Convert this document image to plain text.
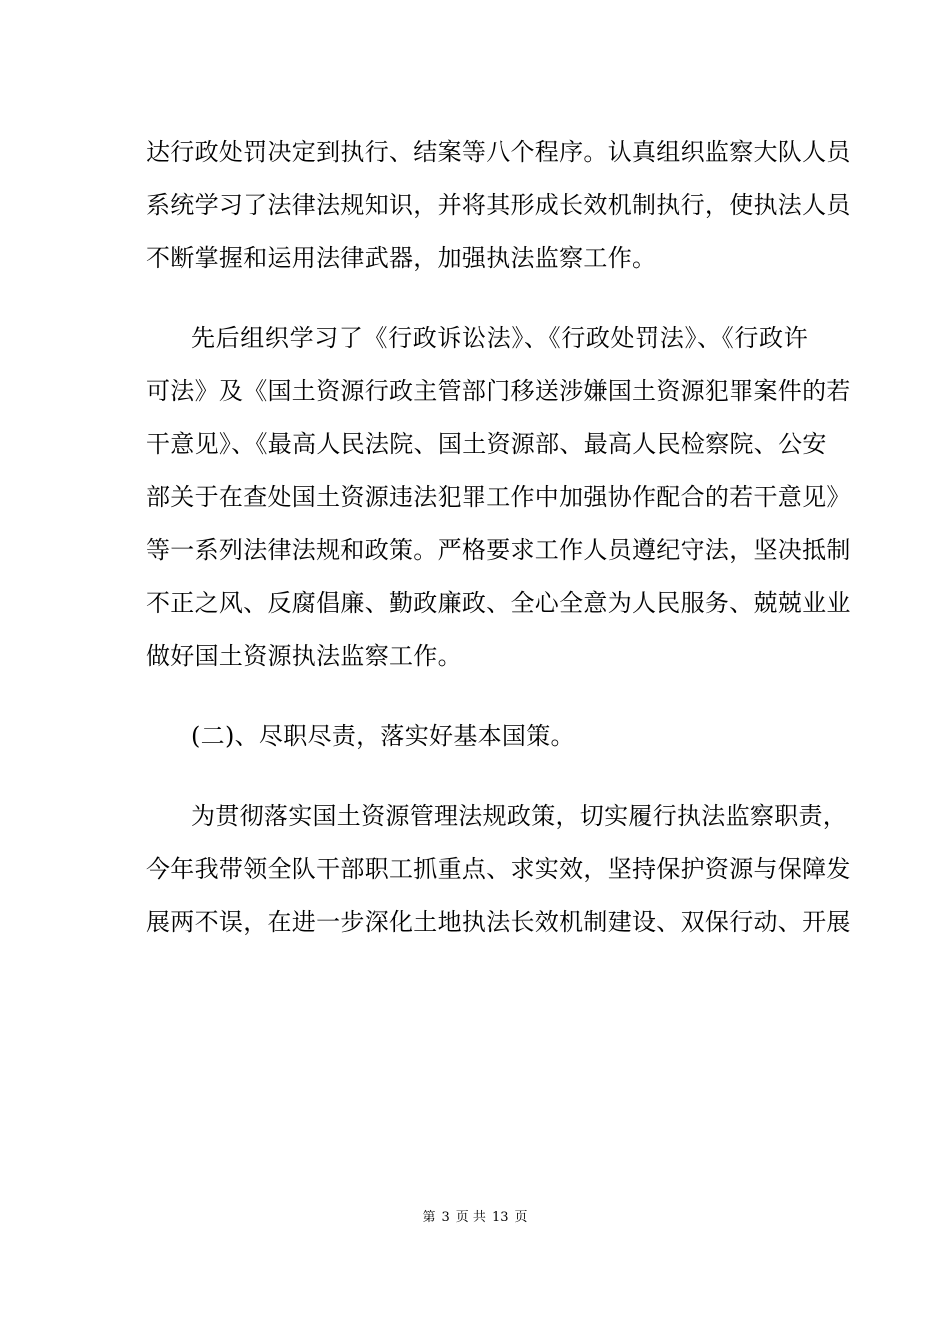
达行政处罚决定到执行、结案等八个程序。认真组织监察大队人员
系统学习了法律法规知识，并将其形成长效机制执行，使执法人员
不断掌握和运用法律武器，加强执法监察工作。
先后组织学习了《行政诉讼法》、《行政处罚法》、《行政许
可法》及《国土资源行政主管部门移送涉嫌国土资源犯罪案件的若
干意见》、《最高人民法院、国土资源部、最高人民检察院、公安
部关于在查处国土资源违法犯罪工作中加强协作配合的若干意见》
等一系列法律法规和政策。严格要求工作人员遵纪守法，坚决抵制
不正之风、反腐倡廉、勤政廉政、全心全意为人民服务、兢兢业业
做好国土资源执法监察工作。
(二)、尽职尽责，落实好基本国策。
为贯彻落实国土资源管理法规政策，切实履行执法监察职责，
今年我带领全队干部职工抓重点、求实效，坚持保护资源与保障发
展两不误，在进一步深化土地执法长效机制建设、双保行动、开展
第 3 页 共 13 页
